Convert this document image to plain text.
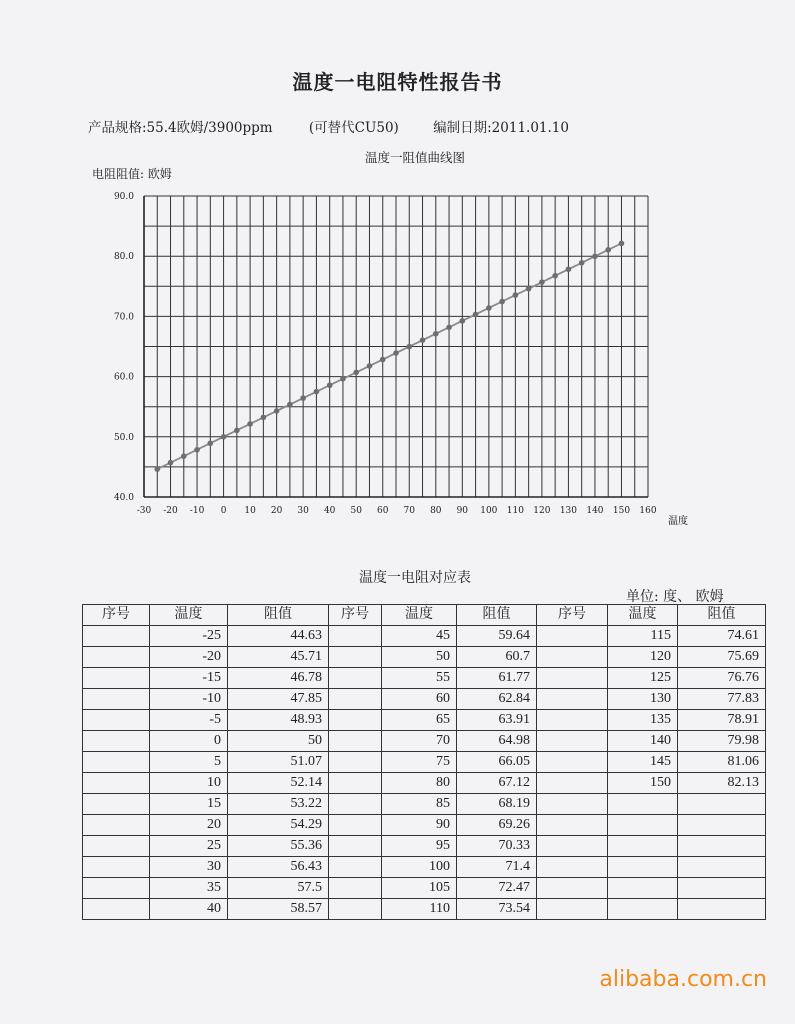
温度一电阻特性报告书
产品规格:55.4欧姆/3900ppm	(可替代CU50)	编制日期:2011.01.10
温度一阻值曲线图
电阻阻值: 欧姆
-30 -20 -10 0 10 20 30 40 50 60 70 80 90 100 110 120 130 140 150 160
40.0
50.0
60.0
70.0
80.0
90.0
温度
温度一电阻对应表
单位: 度、 欧姆
序号	温度	阻值	序号	温度	阻值	序号	温度	阻值
	-25	44.63		45	59.64		115	74.61
	-20	45.71		50	60.7		120	75.69
	-15	46.78		55	61.77		125	76.76
	-10	47.85		60	62.84		130	77.83
	-5	48.93		65	63.91		135	78.91
	0	50		70	64.98		140	79.98
	5	51.07		75	66.05		145	81.06
	10	52.14		80	67.12		150	82.13
	15	53.22		85	68.19			
	20	54.29		90	69.26			
	25	55.36		95	70.33			
	30	56.43		100	71.4			
	35	57.5		105	72.47			
	40	58.57		110	73.54			
alibaba.com.cn
